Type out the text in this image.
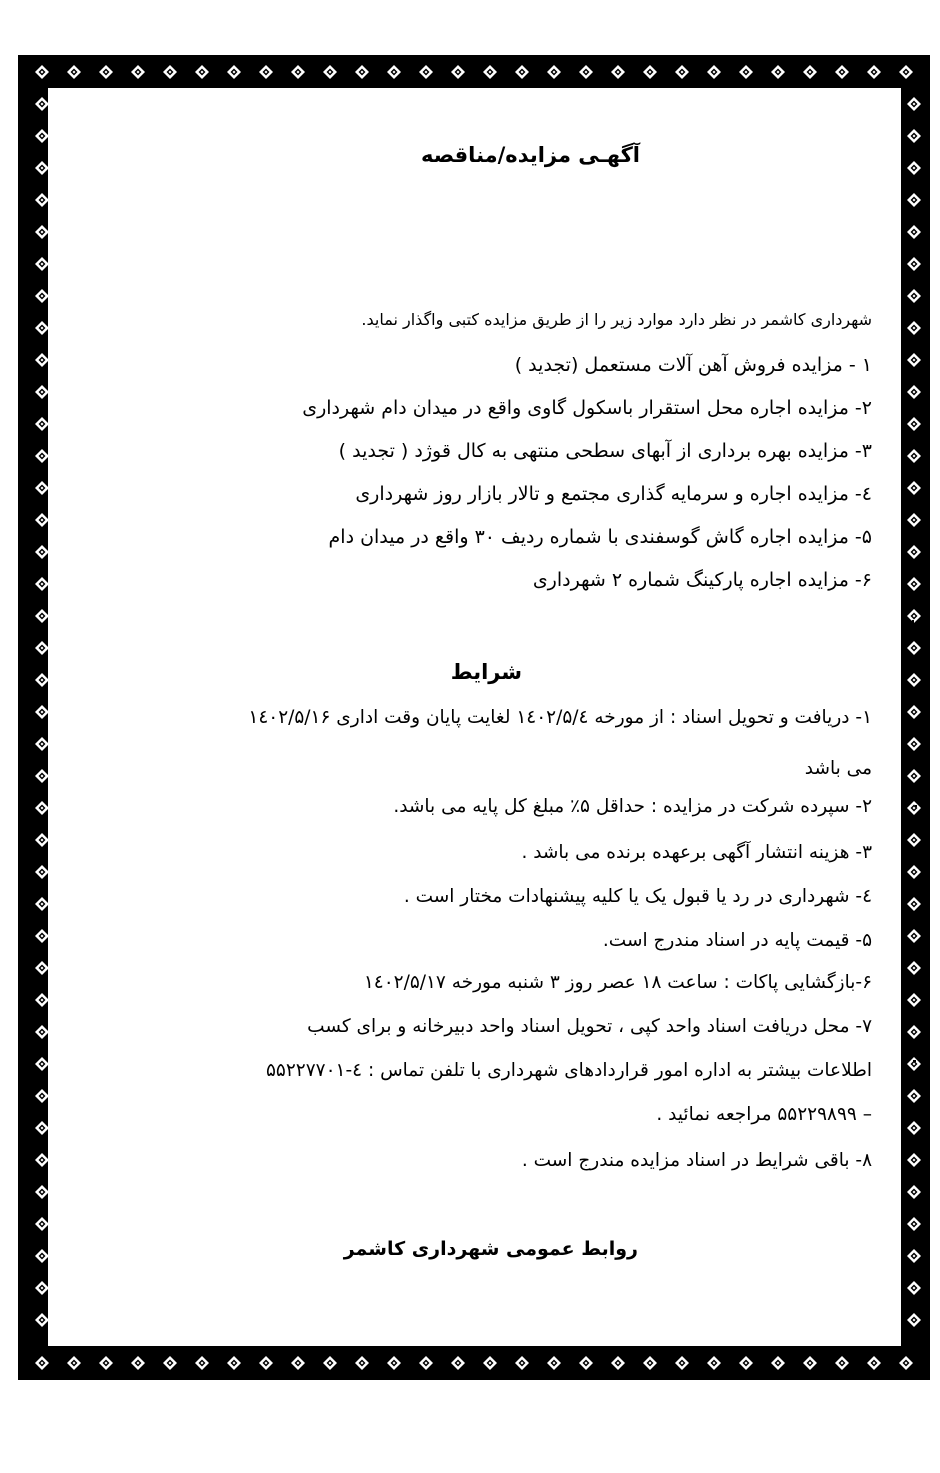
آگهـی مزایده/مناقصه
شهرداری کاشمر در نظر دارد موارد زیر را از طریق مزایده کتبی واگذار نماید.
۱ - مزایده فروش آهن آلات مستعمل (تجدید )
۲- مزایده اجاره محل استقرار باسکول گاوی واقع در میدان دام شهرداری
۳- مزایده بهره برداری از آبهای سطحی منتهی به کال قوژد ( تجدید )
٤- مزایده اجاره و سرمایه گذاری مجتمع و تالار بازار روز شهرداری
۵- مزایده اجاره گاش گوسفندی با شماره ردیف ۳۰ واقع در میدان دام
۶- مزایده اجاره پارکینگ شماره ۲ شهرداری
شرایط
۱- دریافت و تحویل اسناد : از مورخه ۱٤۰۲/۵/٤ لغایت پایان وقت اداری ۱٤۰۲/۵/۱۶
می باشد
۲- سپرده شرکت در مزایده : حداقل ۵٪ مبلغ کل پایه می باشد.
۳- هزینه انتشار آگهی برعهده برنده می باشد .
٤- شهرداری در رد یا قبول یک یا کلیه پیشنهادات مختار است .
۵- قیمت پایه در اسناد مندرج است.
۶-بازگشایی پاکات : ساعت ۱۸ عصر روز ۳ شنبه مورخه ۱٤۰۲/۵/۱۷
۷- محل دریافت اسناد واحد کپی ، تحویل اسناد واحد دبیرخانه و برای کسب
اطلاعات بیشتر به اداره امور قراردادهای شهرداری با تلفن تماس : ٤-۵۵۲۲۷۷۰۱
– ۵۵۲۲۹۸۹۹ مراجعه نمائید .
۸- باقی شرایط در اسناد مزایده مندرج است .
روابط عمومی شهرداری کاشمر
